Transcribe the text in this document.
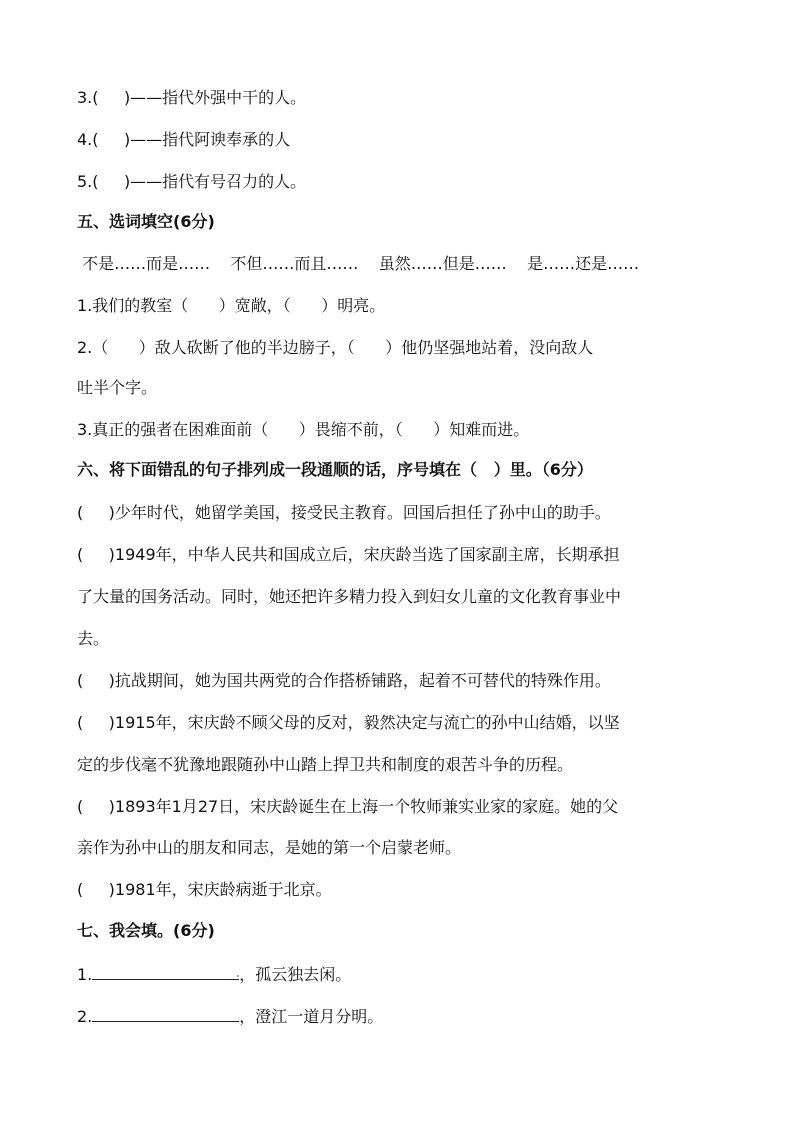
3.(     )——指代外强中干的人。
4.(     )——指代阿谀奉承的人
5.(     )——指代有号召力的人。
五、选词填空(6分)
不是……而是……    不但……而且……    虽然……但是……    是……还是……
1.我们的教室（      ）宽敞，（      ）明亮。
2.（      ）敌人砍断了他的半边膀子，（      ）他仍坚强地站着，没向敌人
吐半个字。
3.真正的强者在困难面前（      ）畏缩不前，（      ）知难而进。
六、将下面错乱的句子排列成一段通顺的话，序号填在（   ）里。（6分）
(     )少年时代，她留学美国，接受民主教育。回国后担任了孙中山的助手。
(     )1949年，中华人民共和国成立后，宋庆龄当选了国家副主席，长期承担
了大量的国务活动。同时，她还把许多精力投入到妇女儿童的文化教育事业中
去。
(     )抗战期间，她为国共两党的合作搭桥铺路，起着不可替代的特殊作用。
(     )1915年，宋庆龄不顾父母的反对，毅然决定与流亡的孙中山结婚，以坚
定的步伐毫不犹豫地跟随孙中山踏上捍卫共和制度的艰苦斗争的历程。
(     )1893年1月27日，宋庆龄诞生在上海一个牧师兼实业家的家庭。她的父
亲作为孙中山的朋友和同志，是她的第一个启蒙老师。
(     )1981年，宋庆龄病逝于北京。
七、我会填。(6分)
1.	，孤云独去闲。
2.	，澄江一道月分明。
